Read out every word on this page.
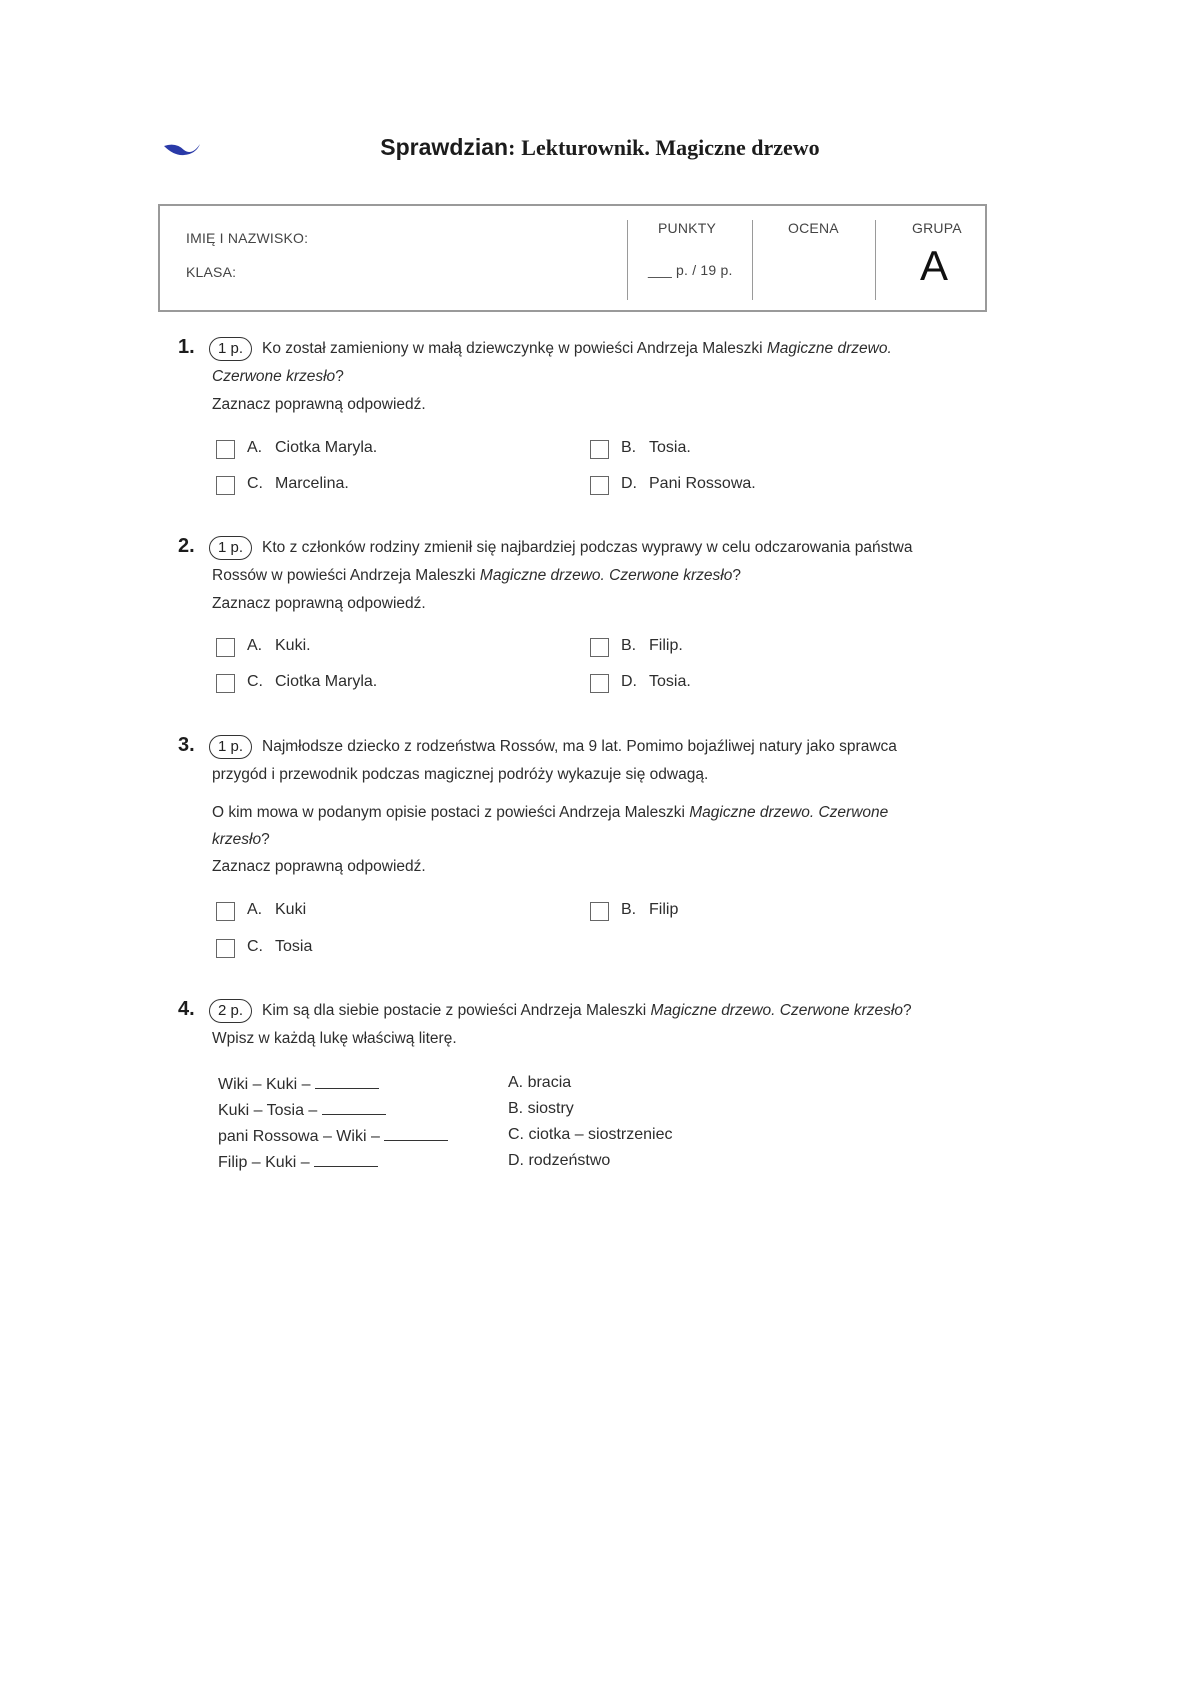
Sprawdzian: Lekturownik. Magiczne drzewo
IMIĘ I NAZWISKO:
KLASA:
PUNKTY
___ p. / 19 p.
OCENA	GRUPA
A
1.	1 p.	Ko został zamieniony w małą dziewczynkę w powieści Andrzeja Maleszki Magiczne drzewo.
Czerwone krzesło?
Zaznacz poprawną odpowiedź.
A. Ciotka Maryla.	B. Tosia.
C. Marcelina.	D. Pani Rossowa.
2.	1 p.	Kto z członków rodziny zmienił się najbardziej podczas wyprawy w celu odczarowania państwa
Rossów w powieści Andrzeja Maleszki Magiczne drzewo. Czerwone krzesło?
Zaznacz poprawną odpowiedź.
A. Kuki.	B. Filip.
C. Ciotka Maryla.	D. Tosia.
3.	1 p.	Najmłodsze dziecko z rodzeństwa Rossów, ma 9 lat. Pomimo bojaźliwej natury jako sprawca
przygód i przewodnik podczas magicznej podróży wykazuje się odwagą.
O kim mowa w podanym opisie postaci z powieści Andrzeja Maleszki Magiczne drzewo. Czerwone
krzesło?
Zaznacz poprawną odpowiedź.
A. Kuki	B. Filip
C. Tosia
4.	2 p.	Kim są dla siebie postacie z powieści Andrzeja Maleszki Magiczne drzewo. Czerwone krzesło?
Wpisz w każdą lukę właściwą literę.
Wiki – Kuki –
Kuki – Tosia –
pani Rossowa – Wiki –
Filip – Kuki –
A. bracia
B. siostry
C. ciotka – siostrzeniec
D. rodzeństwo
